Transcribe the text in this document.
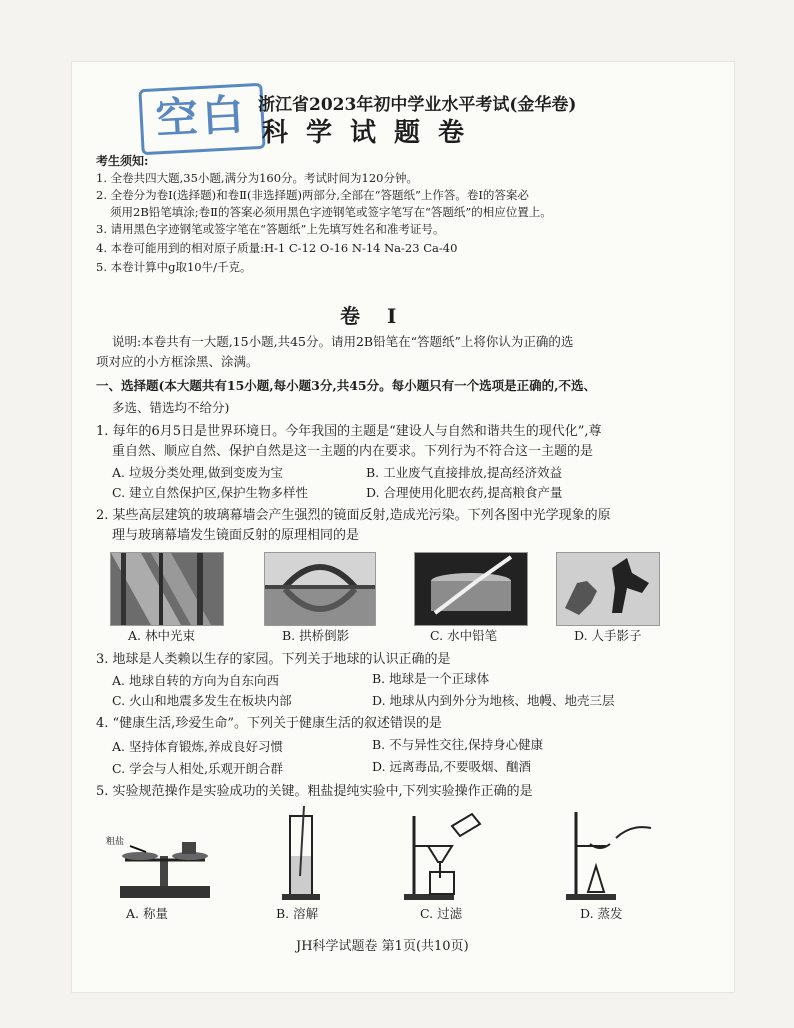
空白 浙江省2023年初中学业水平考试(金华卷)
科学试题卷
考生须知:
1. 全卷共四大题,35小题,满分为160分。考试时间为120分钟。
2. 全卷分为卷Ⅰ(选择题)和卷Ⅱ(非选择题)两部分,全部在“答题纸”上作答。卷Ⅰ的答案必
须用2B铅笔填涂;卷Ⅱ的答案必须用黑色字迹钢笔或签字笔写在“答题纸”的相应位置上。
3. 请用黑色字迹钢笔或签字笔在“答题纸”上先填写姓名和准考证号。
4. 本卷可能用到的相对原子质量:H-1 C-12 O-16 N-14 Na-23 Ca-40
5. 本卷计算中g取10牛/千克。
卷 Ⅰ
说明:本卷共有一大题,15小题,共45分。请用2B铅笔在“答题纸”上将你认为正确的选
项对应的小方框涂黑、涂满。
一、选择题(本大题共有15小题,每小题3分,共45分。每小题只有一个选项是正确的,不选、
多选、错选均不给分)
1. 每年的6月5日是世界环境日。今年我国的主题是“建设人与自然和谐共生的现代化”,尊
重自然、顺应自然、保护自然是这一主题的内在要求。下列行为不符合这一主题的是
A. 垃圾分类处理,做到变废为宝	B. 工业废气直接排放,提高经济效益
C. 建立自然保护区,保护生物多样性	D. 合理使用化肥农药,提高粮食产量
2. 某些高层建筑的玻璃幕墙会产生强烈的镜面反射,造成光污染。下列各图中光学现象的原
理与玻璃幕墙发生镜面反射的原理相同的是
A. 林中光束	B. 拱桥倒影	C. 水中铅笔	D. 人手影子
3. 地球是人类赖以生存的家园。下列关于地球的认识正确的是
A. 地球自转的方向为自东向西	B. 地球是一个正球体
C. 火山和地震多发生在板块内部	D. 地球从内到外分为地核、地幔、地壳三层
4. “健康生活,珍爱生命”。下列关于健康生活的叙述错误的是
A. 坚持体育锻炼,养成良好习惯	B. 不与异性交往,保持身心健康
C. 学会与人相处,乐观开朗合群	D. 远离毒品,不要吸烟、酗酒
5. 实验规范操作是实验成功的关键。粗盐提纯实验中,下列实验操作正确的是
粗盐
A. 称量	B. 溶解	C. 过滤	D. 蒸发
JH科学试题卷 第1页(共10页)
